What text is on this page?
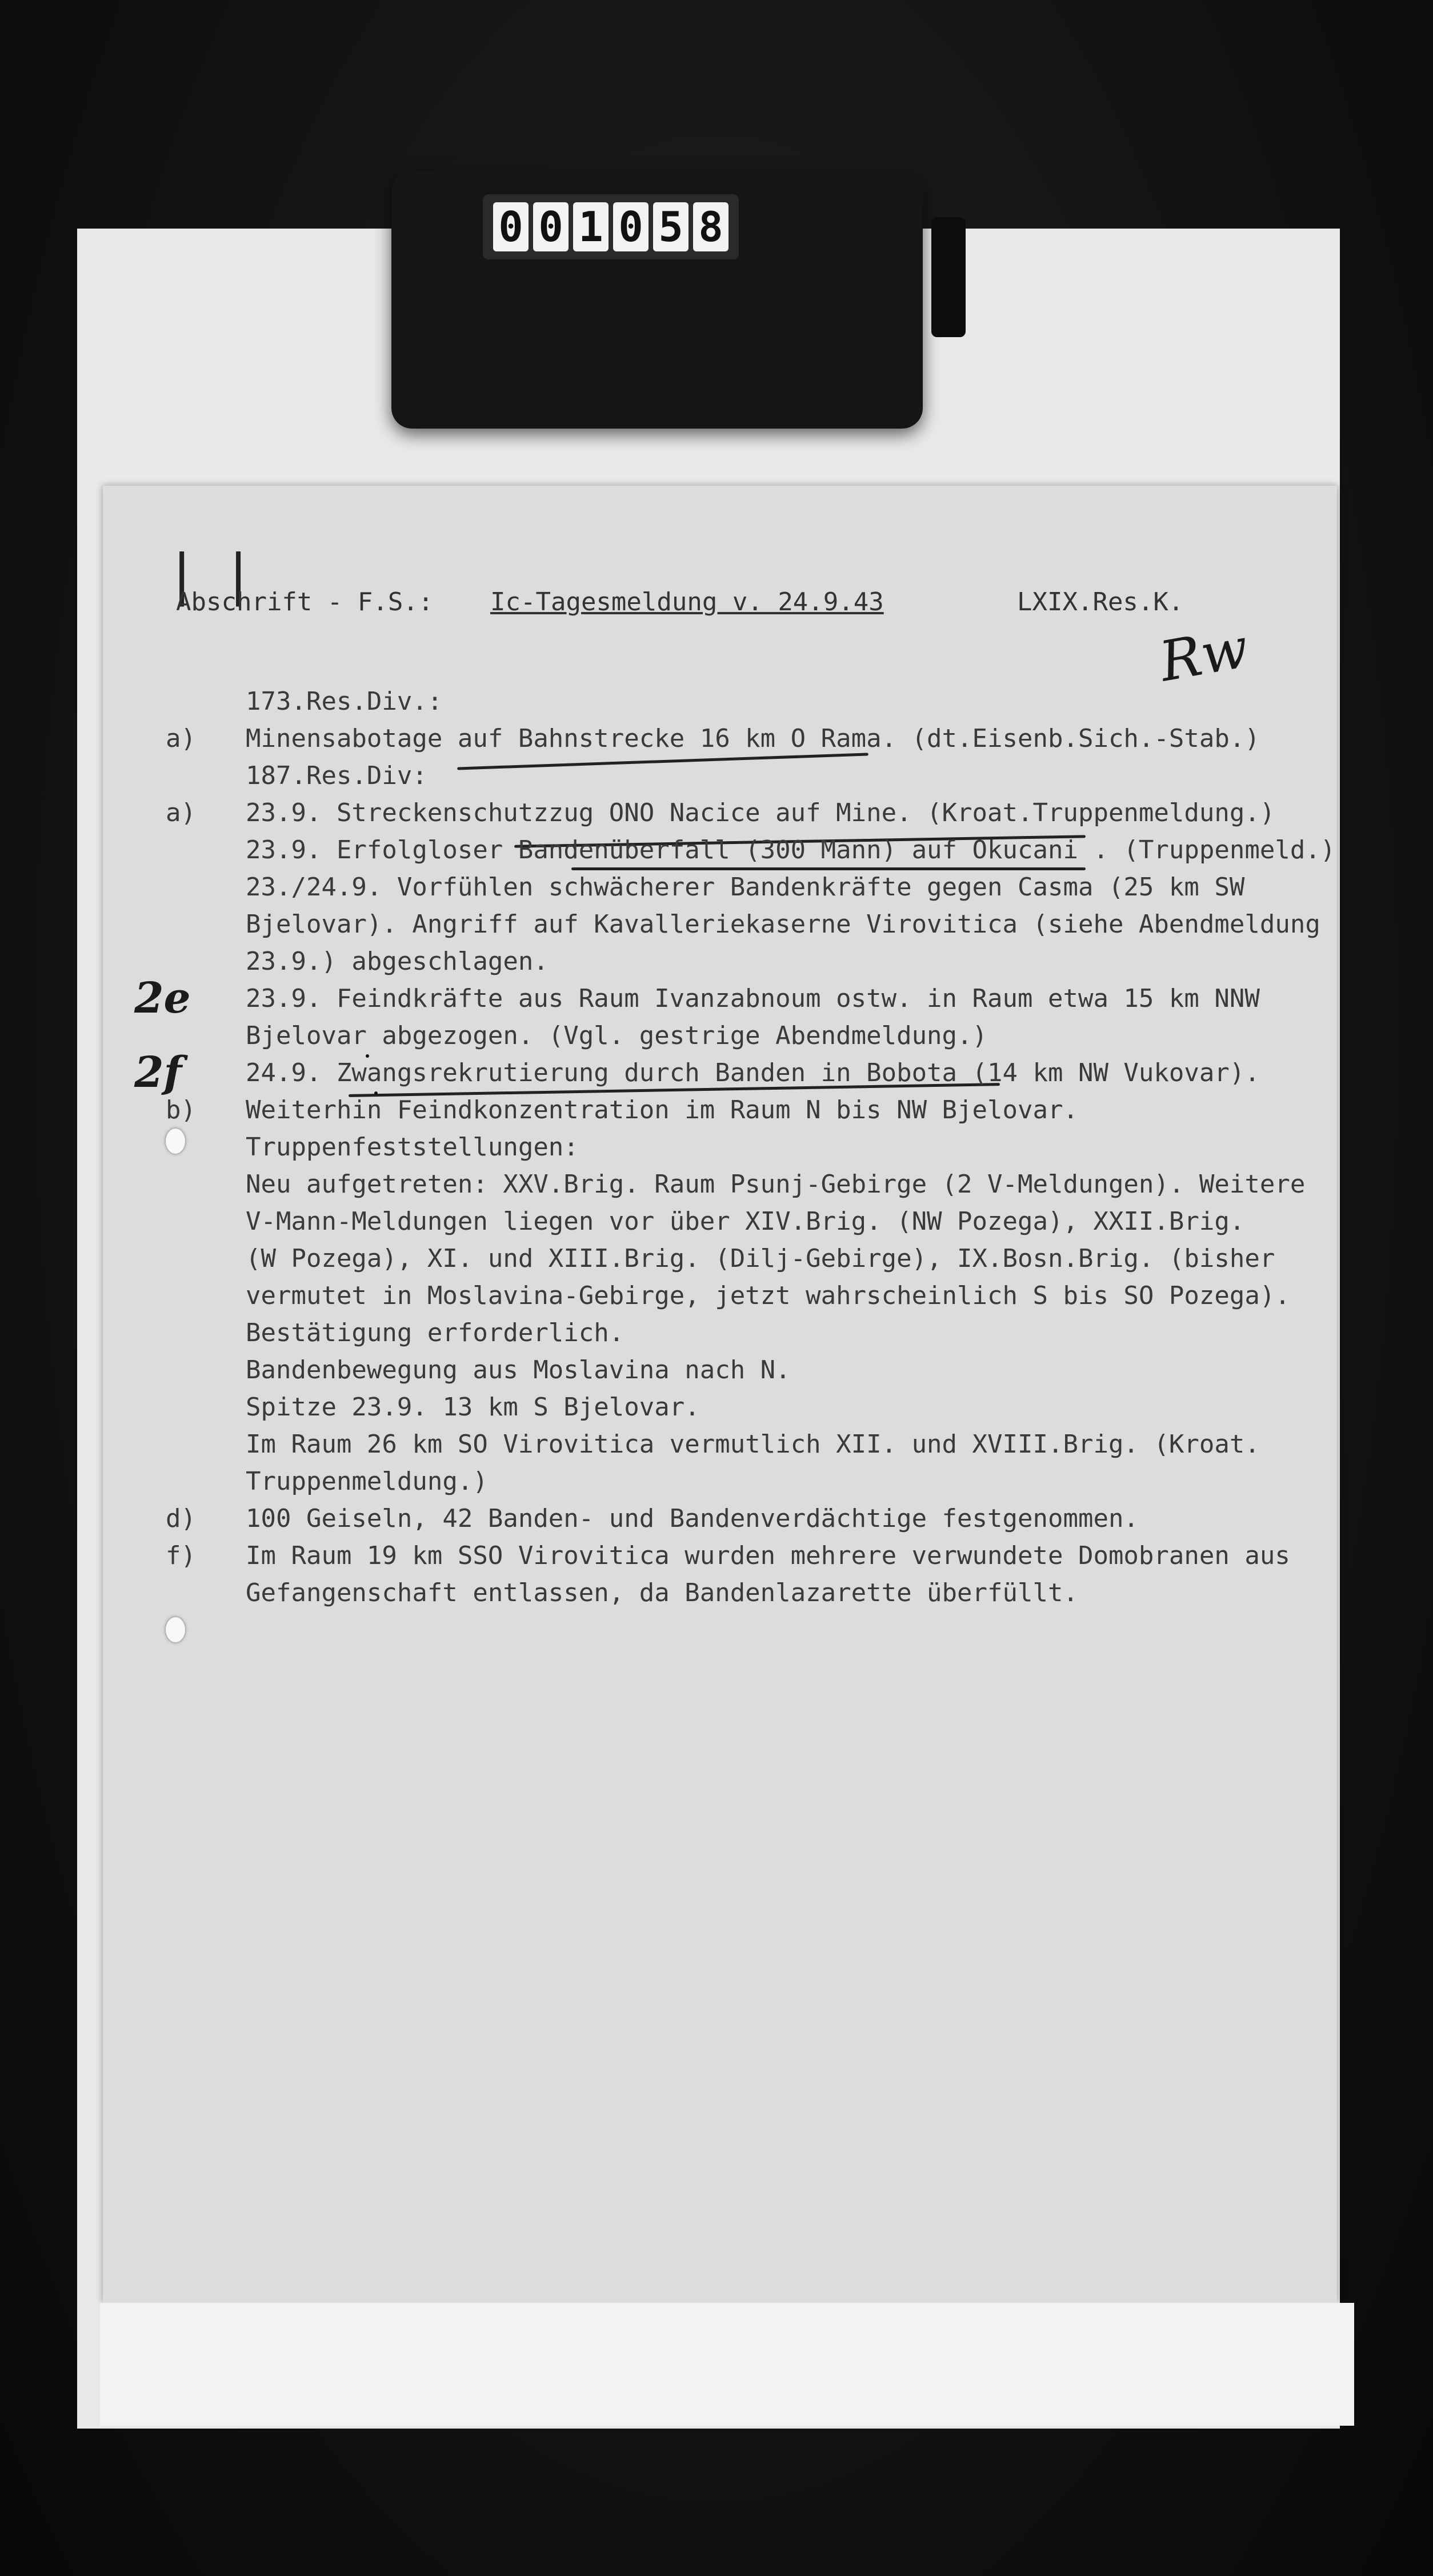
0 0 1 0 5 8
| |
Abschrift - F.S.: Ic-Tagesmeldung v. 24.9.43	LXIX.Res.K.
Rw
173.Res.Div.:
a)	Minensabotage auf Bahnstrecke 16 km O Rama. (dt.Eisenb.Sich.-Stab.)
187.Res.Div:
a)	23.9. Streckenschutzzug ONO Nacice auf Mine. (Kroat.Truppenmeldung.)
23.9. Erfolgloser Bandenüberfall (300 Mann) auf Okucani . (Truppenmeld.)
23./24.9. Vorfühlen schwächerer Bandenkräfte gegen Casma (25 km SW
Bjelovar). Angriff auf Kavalleriekaserne Virovitica (siehe Abendmeldung
23.9.) abgeschlagen.
2e 23.9. Feindkräfte aus Raum Ivanzabnoum ostw. in Raum etwa 15 km NNW
Bjelovar abgezogen. (Vgl. gestrige Abendmeldung.)
2f	24.9. Zwangsrekrutierung durch Banden in Bobota (14 km NW Vukovar).
b)	Weiterhin Feindkonzentration im Raum N bis NW Bjelovar.
Truppenfeststellungen:
Neu aufgetreten: XXV.Brig. Raum Psunj-Gebirge (2 V-Meldungen). Weitere
V-Mann-Meldungen liegen vor über XIV.Brig. (NW Pozega), XXII.Brig.
(W Pozega), XI. und XIII.Brig. (Dilj-Gebirge), IX.Bosn.Brig. (bisher
vermutet in Moslavina-Gebirge, jetzt wahrscheinlich S bis SO Pozega).
Bestätigung erforderlich.
Bandenbewegung aus Moslavina nach N.
Spitze 23.9. 13 km S Bjelovar.
Im Raum 26 km SO Virovitica vermutlich XII. und XVIII.Brig. (Kroat.
Truppenmeldung.)
d)	100 Geiseln, 42 Banden- und Bandenverdächtige festgenommen.
f)	Im Raum 19 km SSO Virovitica wurden mehrere verwundete Domobranen aus
Gefangenschaft entlassen, da Bandenlazarette überfüllt.
